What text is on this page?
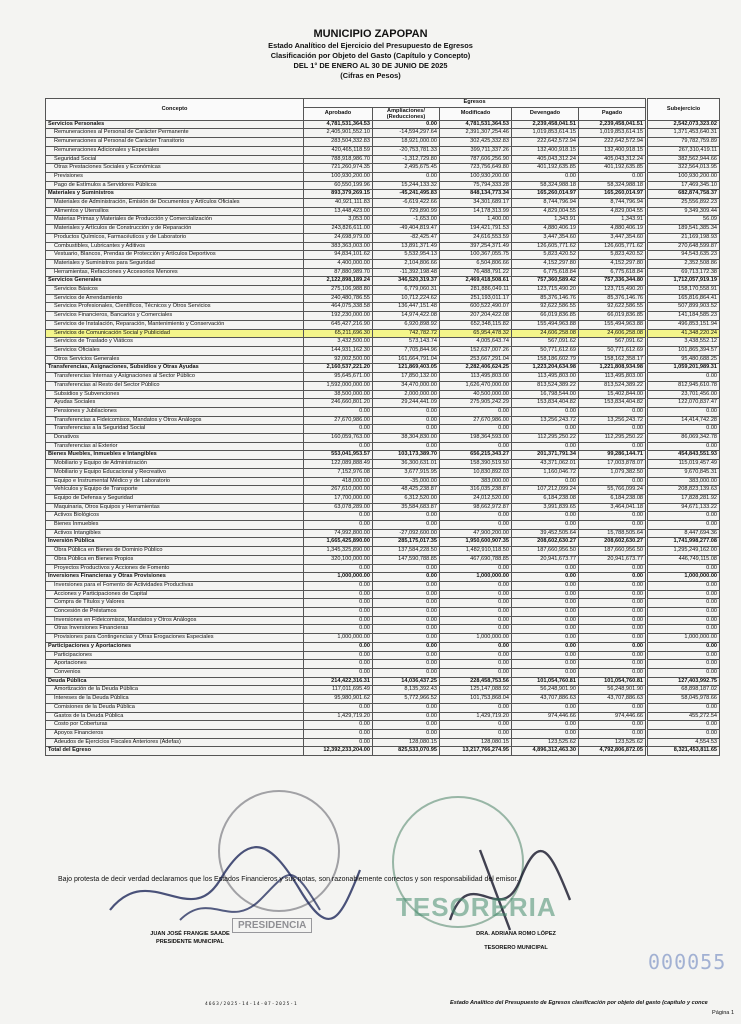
MUNICIPIO ZAPOPAN
Estado Analítico del Ejercicio del Presupuesto de Egresos
Clasificación por Objeto del Gasto (Capítulo y Concepto)
DEL 1° DE ENERO AL 30 DE JUNIO DE 2025
(Cifras en Pesos)
Concepto	Egresos						Subejercicio
	Aprobado	Ampliaciones/ (Reducciones)	Modificado	Devengado	Pagado		
Servicios Personales	4,781,531,364.53	0.00	4,781,531,364.53	2,239,458,041.51	2,239,458,041.51		2,542,073,323.02
Remuneraciones al Personal de Carácter Permanente	2,405,901,552.10	-14,594,297.64	2,391,307,254.46	1,019,853,614.15	1,019,853,614.15		1,371,453,640.31
Remuneraciones al Personal de Carácter Transitorio	283,504,332.83	18,921,000.00	302,425,332.83	222,642,572.94	222,642,572.94		79,782,759.89
Remuneraciones Adicionales y Especiales	420,465,118.59	-20,753,781.33	399,711,337.26	132,400,918.15	132,400,918.15		267,310,419.11
Seguridad Social	788,918,986.70	-1,312,729.80	787,606,256.90	405,043,312.24	405,043,312.24		382,562,944.66
Otras Prestaciones Sociales y Económicas	721,260,974.35	2,495,675.45	723,756,649.80	401,192,635.85	401,192,635.85		322,564,013.95
Previsiones	100,930,200.00	0.00	100,930,200.00	0.00	0.00		100,930,200.00
Pago de Estímulos a Servidores Públicos	60,550,199.96	15,244,133.32	75,794,333.28	58,324,988.18	58,324,988.18		17,469,345.10
Materiales y Suministros	893,379,269.15	-45,241,495.83	848,134,773.34	165,260,014.97	165,260,014.97		682,874,758.37
Materiales de Administración, Emisión de Documentos y Artículos Oficiales	40,921,111.83	-6,619,422.66	34,301,689.17	8,744,796.94	8,744,796.94		25,556,892.23
Alimentos y Utensilios	13,448,423.00	729,890.99	14,178,313.99	4,829,004.55	4,829,004.55		9,349,309.44
Materias Primas y Materiales de Producción y Comercialización	3,053.00	-1,653.00	1,400.00	1,343.91	1,343.91		56.09
Materiales y Artículos de Construcción y de Reparación	243,826,611.00	-49,404,819.47	194,421,791.53	4,880,406.19	4,880,406.19		189,541,385.34
Productos Químicos, Farmacéuticos y de Laboratorio	24,698,979.00	-82,425.47	24,616,553.59	3,447,354.60	3,447,354.60		21,169,198.93
Combustibles, Lubricantes y Aditivos	383,363,003.00	13,891,371.49	397,254,371.49	126,605,771.62	126,605,771.62		270,648,599.87
Vestuario, Blancos, Prendas de Protección y Artículos Deportivos	94,834,101.62	5,532,954.13	100,367,055.75	5,823,420.52	5,823,420.52		94,543,635.23
Materiales y Suministros para Seguridad	4,400,000.00	2,104,806.66	6,504,806.66	4,152,297.80	4,152,297.80		2,352,508.86
Herramientas, Refacciones y Accesorios Menores	87,880,989.70	-11,392,198.48	76,488,791.22	6,775,618.84	6,775,618.84		69,713,172.38
Servicios Generales	2,122,898,189.24	346,520,319.37	2,469,418,508.61	757,360,589.42	757,336,344.80		1,712,057,919.19
Servicios Básicos	275,106,988.80	6,779,060.31	281,886,049.11	123,715,490.20	123,715,490.20		158,170,558.91
Servicios de Arrendamiento	240,480,786.55	10,712,224.62	251,193,011.17	85,376,146.76	85,376,146.76		165,816,864.41
Servicios Profesionales, Científicos, Técnicos y Otros Servicios	464,075,338.58	136,447,151.48	600,522,490.07	92,622,586.55	92,622,586.55		507,899,903.52
Servicios Financieros, Bancarios y Comerciales	192,230,000.00	14,974,422.08	207,204,422.08	66,019,836.85	66,019,836.85		141,184,585.23
Servicios de Instalación, Reparación, Mantenimiento y Conservación	645,427,216.90	6,920,898.92	652,348,115.82	155,494,963.88	155,494,963.88		496,853,151.94
Servicios de Comunicación Social y Publicidad	65,211,696.30	742,782.72	65,954,478.32	24,606,258.08	24,606,258.08		41,348,220.24
Servicios de Traslado y Viáticos	3,432,500.00	573,143.74	4,005,643.74	567,091.62	567,091.62		3,438,552.12
Servicios Oficiales	144,931,162.30	7,705,844.96	152,637,007.26	50,771,612.69	50,771,612.69		101,865,394.57
Otros Servicios Generales	92,002,500.00	161,664,791.04	253,667,291.04	158,186,602.79	158,162,358.17		95,480,688.25
Transferencias, Asignaciones, Subsidios y Otras Ayudas	2,160,537,221.20	121,869,403.05	2,282,406,624.25	1,223,204,634.98	1,221,808,934.98		1,059,201,989.31
Transferencias Internas y Asignaciones al Sector Público	95,645,671.00	17,850,132.00	113,495,803.00	113,495,803.00	113,495,803.00		0.00
Transferencias al Resto del Sector Público	1,592,000,000.00	34,470,000.00	1,626,470,000.00	813,524,389.22	813,524,389.22		812,945,610.78
Subsidios y Subvenciones	38,500,000.00	2,000,000.00	40,500,000.00	16,798,544.00	15,402,844.00		23,701,456.00
Ayudas Sociales	246,660,801.20	29,244,441.09	275,905,242.29	153,834,404.82	153,834,404.82		122,070,837.47
Pensiones y Jubilaciones	0.00	0.00	0.00	0.00	0.00		0.00
Transferencias a Fideicomisos, Mandatos y Otros Análogos	27,670,986.00	0.00	27,670,986.00	13,256,243.72	13,256,243.72		14,414,742.28
Transferencias a la Seguridad Social	0.00	0.00	0.00	0.00	0.00		0.00
Donativos	160,059,763.00	38,304,830.00	198,364,593.00	112,295,250.22	112,295,250.22		86,069,342.78
Transferencias al Exterior	0.00	0.00	0.00	0.00	0.00		0.00
Bienes Muebles, Inmuebles e Intangibles	553,041,953.57	103,173,389.70	656,215,343.27	201,371,791.34	99,286,144.71		454,843,551.93
Mobiliario y Equipo de Administración	122,089,888.49	36,300,631.01	158,390,519.50	43,371,062.01	17,003,878.07		115,019,457.49
Mobiliario y Equipo Educacional y Recreativo	7,152,976.08	3,677,915.95	10,830,892.03	1,160,046.72	1,079,382.50		9,670,845.31
Equipo e Instrumental Médico y de Laboratorio	418,000.00	-35,000.00	383,000.00	0.00	0.00		383,000.00
Vehículos y Equipo de Transporte	267,610,000.00	48,425,238.87	316,035,238.87	107,212,099.24	55,766,099.24		208,823,139.63
Equipo de Defensa y Seguridad	17,700,000.00	6,312,520.00	24,012,520.00	6,184,238.08	6,184,238.08		17,828,281.92
Maquinaria, Otros Equipos y Herramientas	63,078,289.00	35,584,683.87	98,662,972.87	3,991,839.65	3,464,041.18		94,671,133.22
Activos Biológicos	0.00	0.00	0.00	0.00	0.00		0.00
Bienes Inmuebles	0.00	0.00	0.00	0.00	0.00		0.00
Activos Intangibles	74,992,800.00	-27,092,600.00	47,900,200.00	39,452,505.64	15,788,505.64		8,447,694.36
Inversión Pública	1,665,425,890.00	285,175,017.35	1,950,600,907.35	208,602,630.27	208,602,630.27		1,741,998,277.08
Obra Pública en Bienes de Dominio Público	1,345,325,890.00	137,584,228.50	1,482,910,118.50	187,660,956.50	187,660,956.50		1,295,249,162.00
Obra Pública en Bienes Propios	320,100,000.00	147,590,788.85	467,690,788.85	20,941,673.77	20,941,673.77		446,749,115.08
Proyectos Productivos y Acciones de Fomento	0.00	0.00	0.00	0.00	0.00		0.00
Inversiones Financieras y Otras Provisiones	1,000,000.00	0.00	1,000,000.00	0.00	0.00		1,000,000.00
Inversiones para el Fomento de Actividades Productivas	0.00	0.00	0.00	0.00	0.00		0.00
Acciones y Participaciones de Capital	0.00	0.00	0.00	0.00	0.00		0.00
Compra de Títulos y Valores	0.00	0.00	0.00	0.00	0.00		0.00
Concesión de Préstamos	0.00	0.00	0.00	0.00	0.00		0.00
Inversiones en Fideicomisos, Mandatos y Otros Análogos	0.00	0.00	0.00	0.00	0.00		0.00
Otras Inversiones Financieras	0.00	0.00	0.00	0.00	0.00		0.00
Provisiones para Contingencias y Otras Erogaciones Especiales	1,000,000.00	0.00	1,000,000.00	0.00	0.00		1,000,000.00
Participaciones y Aportaciones	0.00	0.00	0.00	0.00	0.00		0.00
Participaciones	0.00	0.00	0.00	0.00	0.00		0.00
Aportaciones	0.00	0.00	0.00	0.00	0.00		0.00
Convenios	0.00	0.00	0.00	0.00	0.00		0.00
Deuda Pública	214,422,316.31	14,036,437.25	228,458,753.56	101,054,760.81	101,054,760.81		127,403,992.75
Amortización de la Deuda Pública	117,011,695.49	8,135,392.43	125,147,088.92	56,248,901.90	56,248,901.90		68,898,187.02
Intereses de la Deuda Pública	95,980,901.62	5,772,966.52	101,753,868.04	43,707,886.63	43,707,886.63		58,045,978.66
Comisiones de la Deuda Pública	0.00	0.00	0.00	0.00	0.00		0.00
Gastos de la Deuda Pública	1,429,719.20	0.00	1,429,719.20	974,446.66	974,446.66		455,272.54
Costo por Coberturas	0.00	0.00	0.00	0.00	0.00		0.00
Apoyos Financieros	0.00	0.00	0.00	0.00	0.00		0.00
Adeudos de Ejercicios Fiscales Anteriores (Adefas)	0.00	128,080.15	128,080.15	123,525.62	123,525.62		4,554.53
Total del Egreso	12,392,233,204.00	825,533,070.95	13,217,766,274.95	4,896,312,463.30	4,792,806,872.05		8,321,453,811.65
Bajo protesta de decir verdad declaramos que los Estados Financieros y sus notas, son razonablemente correctos y son responsabilidad del emisor.
TESORERIA
PRESIDENCIA
JUAN JOSÉ FRANGIE SAADE
PRESIDENTE MUNICIPAL
DRA. ADRIANA ROMO LÓPEZ
TESORERO MUNICIPAL
000055
4663/2025-14-14-07-2025-1	Estado Analítico del Presupuesto de Egresos clasificación por objeto del gasto (capítulo y conce
Página 1
